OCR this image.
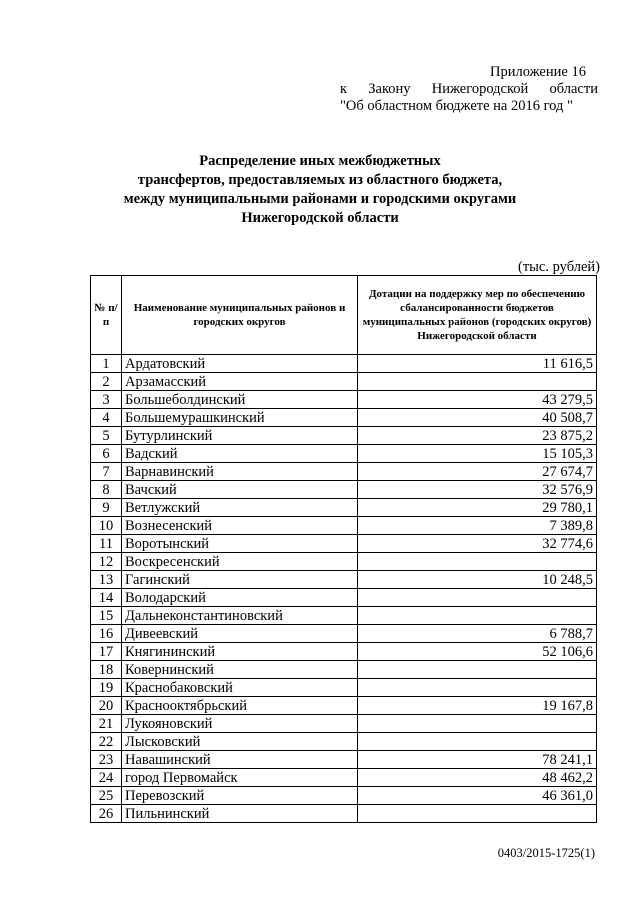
Приложение 16
к Закону Нижегородской области
"Об областном бюджете на 2016 год "
Распределение иных межбюджетных
трансфертов, предоставляемых из областного бюджета,
между муниципальными районами и городскими округами
Нижегородской области
(тыс. рублей)
№ п/п	Наименование муниципальных районов и городских округов	Дотации на поддержку мер по обеспечению сбалансированности бюджетов муниципальных районов (городских округов) Нижегородской области
1	Ардатовский	11 616,5
2	Арзамасский	
3	Большеболдинский	43 279,5
4	Большемурашкинский	40 508,7
5	Бутурлинский	23 875,2
6	Вадский	15 105,3
7	Варнавинский	27 674,7
8	Вачский	32 576,9
9	Ветлужский	29 780,1
10	Вознесенский	7 389,8
11	Воротынский	32 774,6
12	Воскресенский	
13	Гагинский	10 248,5
14	Володарский	
15	Дальнеконстантиновский	
16	Дивеевский	6 788,7
17	Княгининский	52 106,6
18	Ковернинский	
19	Краснобаковский	
20	Краснооктябрьский	19 167,8
21	Лукояновский	
22	Лысковский	
23	Навашинский	78 241,1
24	город Первомайск	48 462,2
25	Перевозский	46 361,0
26	Пильнинский	
0403/2015-1725(1)
